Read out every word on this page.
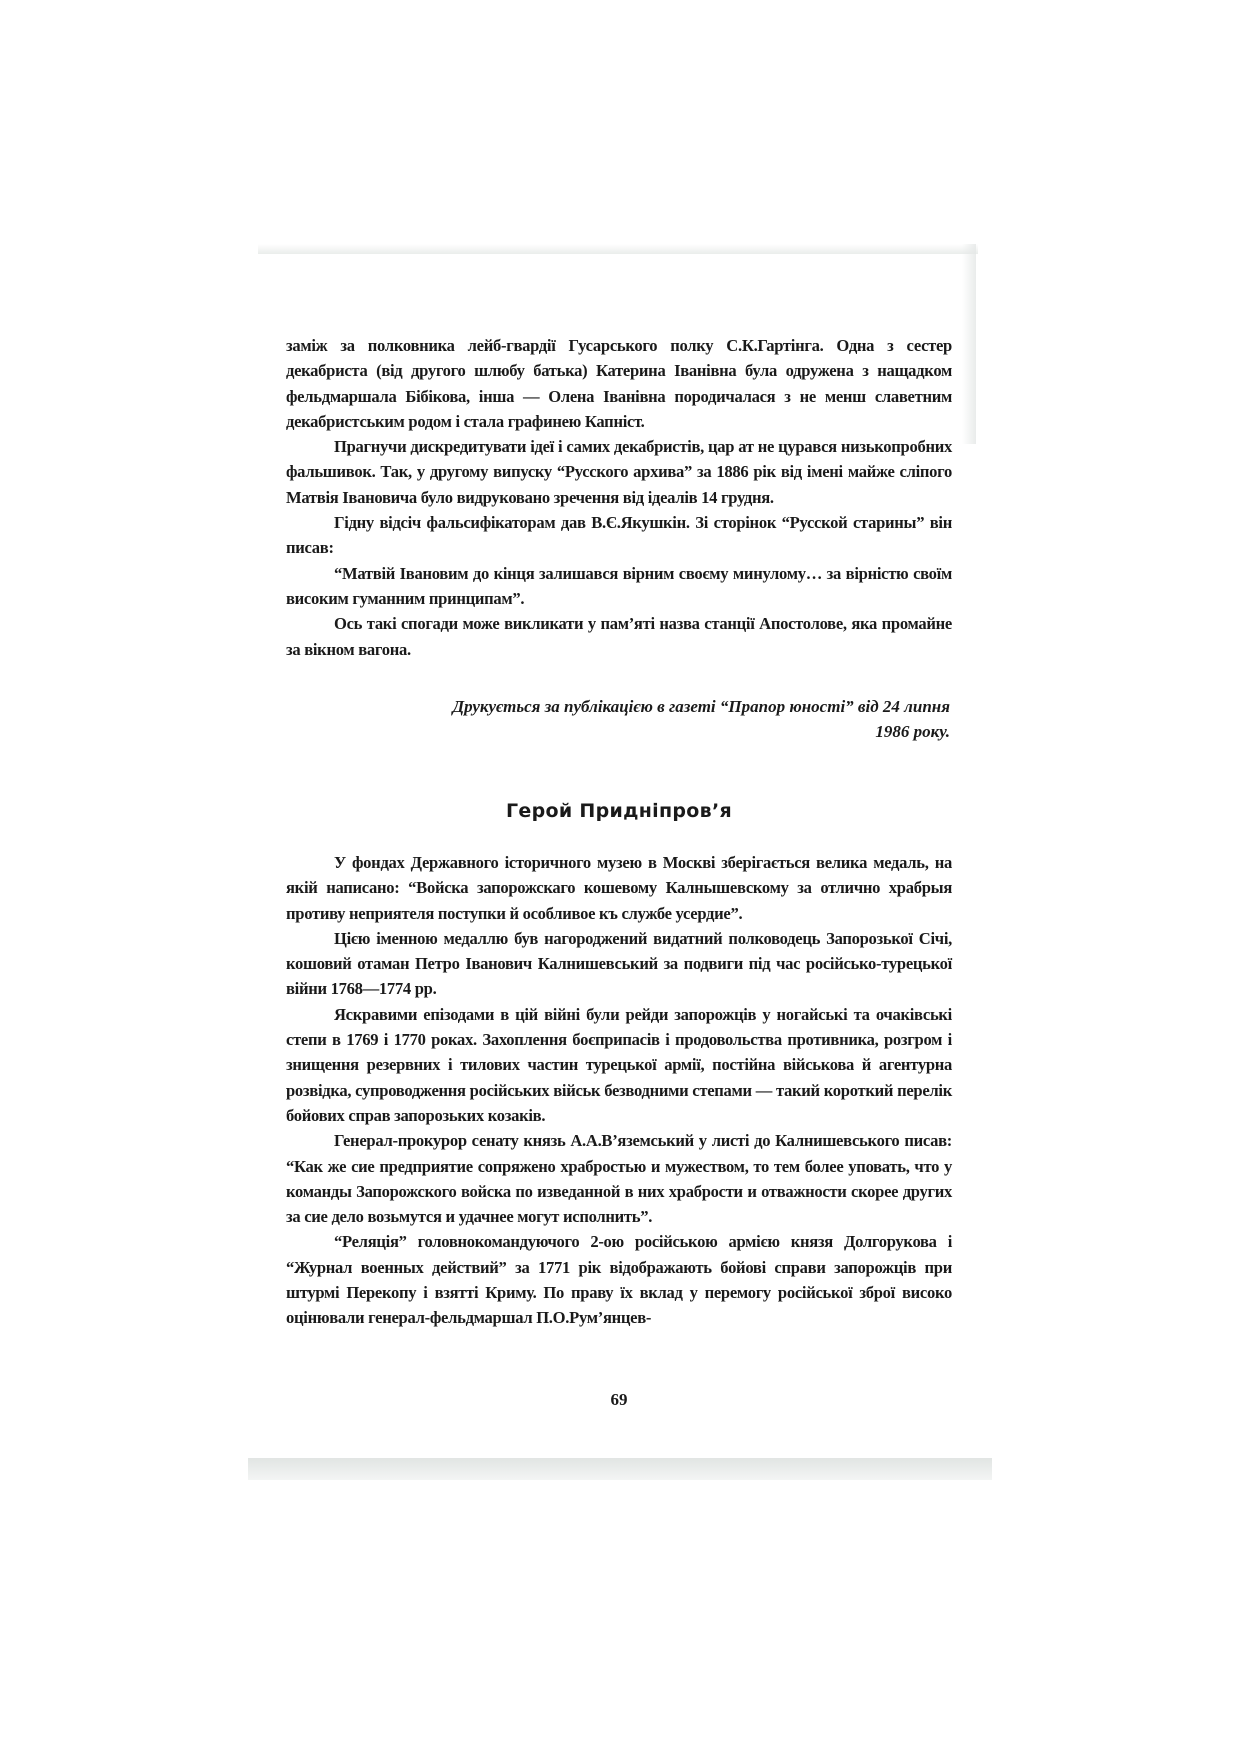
заміж за полковника лейб-гвардії Гусарського полку С.К.Гартінга. Одна з сестер декабриста (від другого шлюбу батька) Катерина Іванівна була одружена з нащадком фельдмаршала Бібікова, інша — Олена Іванівна породичалася з не менш славетним декабристським родом і стала графинею Капніст.

Прагнучи дискредитувати ідеї і самих декабристів, цар ат не цурався низькопробних фальшивок. Так, у другому випуску “Русского архива” за 1886 рік від імені майже сліпого Матвія Івановича було видруковано зречення від ідеалів 14 грудня.

Гідну відсіч фальсифікаторам дав В.Є.Якушкін. Зі сторінок “Русской старины” він писав:

“Матвій Івановим до кінця залишався вірним своєму минулому… за вірністю своїм високим гуманним принципам”.

Ось такі спогади може викликати у пам’яті назва станції Апостолове, яка промайне за вікном вагона.

Друкується за публікацією в газеті “Прапор юності” від 24 липня 1986 року.

Герой Придніпров’я

У фондах Державного історичного музею в Москві зберігається велика медаль, на якій написано: “Войска запорожскаго кошевому Калнышевскому за отлично храбрыя противу неприятеля поступки й особливое къ службе усердие”.

Цією іменною медаллю був нагороджений видатний полководець Запорозької Січі, кошовий отаман Петро Іванович Калнишевський за подвиги під час російсько-турецької війни 1768—1774 рр.

Яскравими епізодами в цій війні були рейди запорожців у ногайські та очаківські степи в 1769 і 1770 роках. Захоплення боєприпасів і продовольства противника, розгром і знищення резервних і тилових частин турецької армії, постійна військова й агентурна розвідка, супроводження російських військ безводними степами — такий короткий перелік бойових справ запорозьких козаків.

Генерал-прокурор сенату князь А.А.В’яземський у листі до Калнишевського писав: “Как же сие предприятие сопряжено храбростью и мужеством, то тем более уповать, что у команды Запорожского войска по изведанной в них храбрости и отважности скорее других за сие дело возьмутся и удачнее могут исполнить”.

“Реляція” головнокомандуючого 2-ою російською армією князя Долгорукова і “Журнал военных действий” за 1771 рік відображають бойові справи запорожців при штурмі Перекопу і взятті Криму. По праву їх вклад у перемогу російської зброї високо оцінювали генерал-фельдмаршал П.О.Рум’янцев-

69
